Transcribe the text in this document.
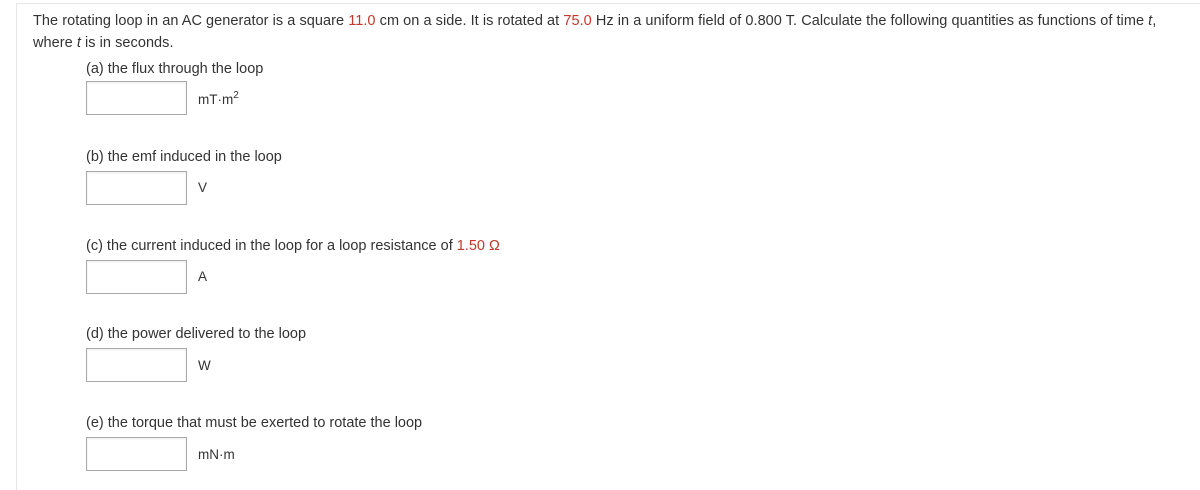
The rotating loop in an AC generator is a square 11.0 cm on a side. It is rotated at 75.0 Hz in a uniform field of 0.800 T. Calculate the following quantities as functions of time t, where t is in seconds.
(a) the flux through the loop
$mT\cdot m^2$
(b) the emf induced in the loop
V
(c) the current induced in the loop for a loop resistance of 1.50 Ω
A
(d) the power delivered to the loop
W
(e) the torque that must be exerted to rotate the loop
mN·m
